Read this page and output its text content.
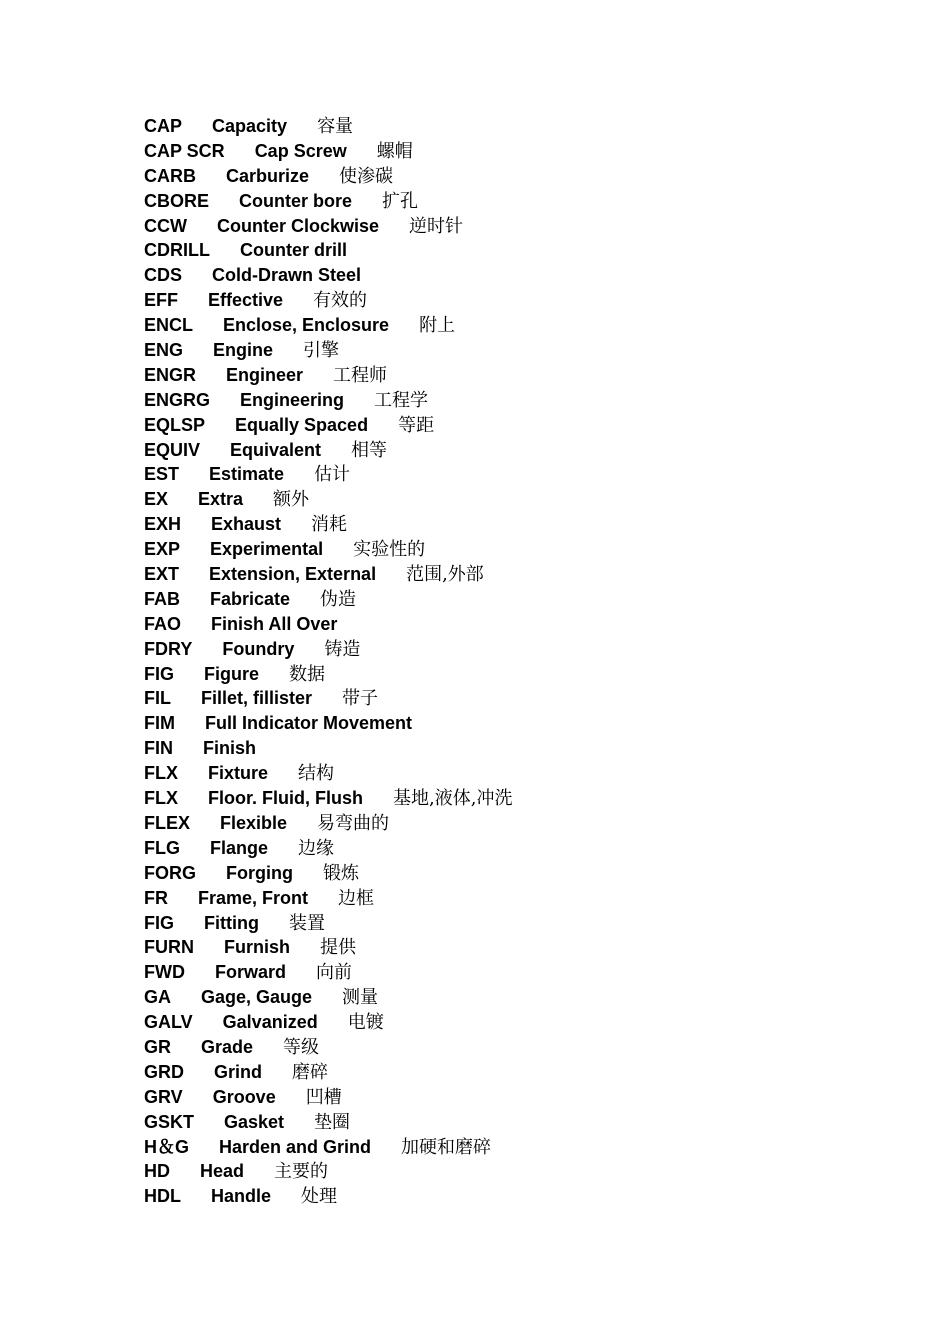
CAP Capacity 容量
CAP SCR Cap Screw 螺帽
CARB Carburize 使渗碳
CBORE Counter bore 扩孔
CCW Counter Clockwise 逆时针
CDRILL Counter drill
CDS Cold-Drawn Steel
EFF Effective 有效的
ENCL Enclose, Enclosure 附上
ENG Engine 引擎
ENGR Engineer 工程师
ENGRG Engineering 工程学
EQLSP Equally Spaced 等距
EQUIV Equivalent 相等
EST Estimate 估计
EX Extra 额外
EXH Exhaust 消耗
EXP Experimental 实验性的
EXT Extension, External 范围,外部
FAB Fabricate 伪造
FAO Finish All Over
FDRY Foundry 铸造
FIG Figure 数据
FIL Fillet, fillister 带子
FIM Full Indicator Movement
FIN Finish
FLX Fixture 结构
FLX Floor. Fluid, Flush 基地,液体,冲洗
FLEX Flexible 易弯曲的
FLG Flange 边缘
FORG Forging 锻炼
FR Frame, Front 边框
FIG Fitting 装置
FURN Furnish 提供
FWD Forward 向前
GA Gage, Gauge 测量
GALV Galvanized 电镀
GR Grade 等级
GRD Grind 磨碎
GRV Groove 凹槽
GSKT Gasket 垫圈
H＆G Harden and Grind 加硬和磨碎
HD Head 主要的
HDL Handle 处理
